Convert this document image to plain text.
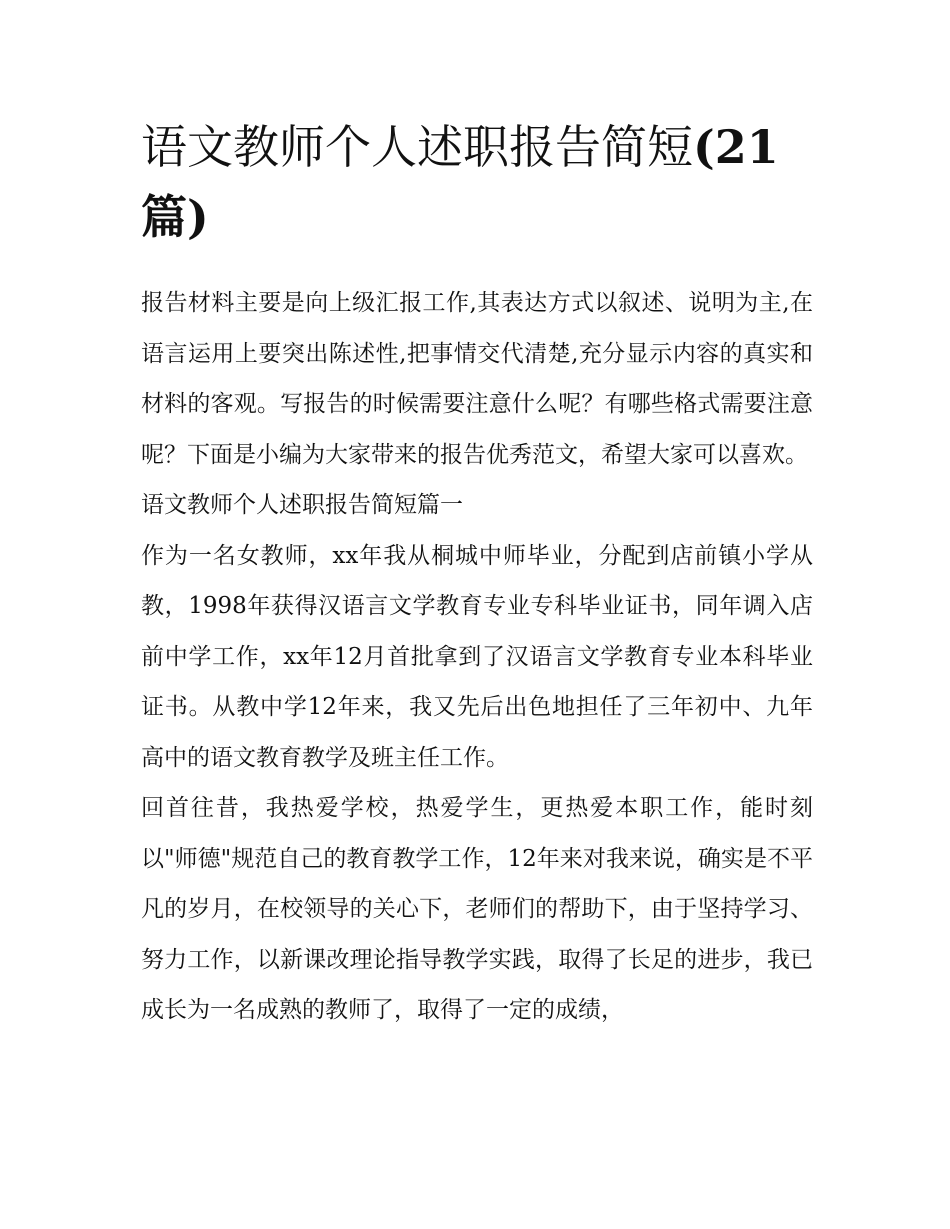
语文教师个人述职报告简短(21篇)

报告材料主要是向上级汇报工作,其表达方式以叙述、说明为主,在语言运用上要突出陈述性,把事情交代清楚,充分显示内容的真实和材料的客观。写报告的时候需要注意什么呢？有哪些格式需要注意呢？下面是小编为大家带来的报告优秀范文，希望大家可以喜欢。

语文教师个人述职报告简短篇一

作为一名女教师，xx年我从桐城中师毕业，分配到店前镇小学从教，1998年获得汉语言文学教育专业专科毕业证书，同年调入店前中学工作，xx年12月首批拿到了汉语言文学教育专业本科毕业证书。从教中学12年来，我又先后出色地担任了三年初中、九年高中的语文教育教学及班主任工作。

回首往昔，我热爱学校，热爱学生，更热爱本职工作，能时刻以"师德"规范自己的教育教学工作，12年来对我来说，确实是不平凡的岁月，在校领导的关心下，老师们的帮助下，由于坚持学习、努力工作，以新课改理论指导教学实践，取得了长足的进步，我已成长为一名成熟的教师了，取得了一定的成绩，
